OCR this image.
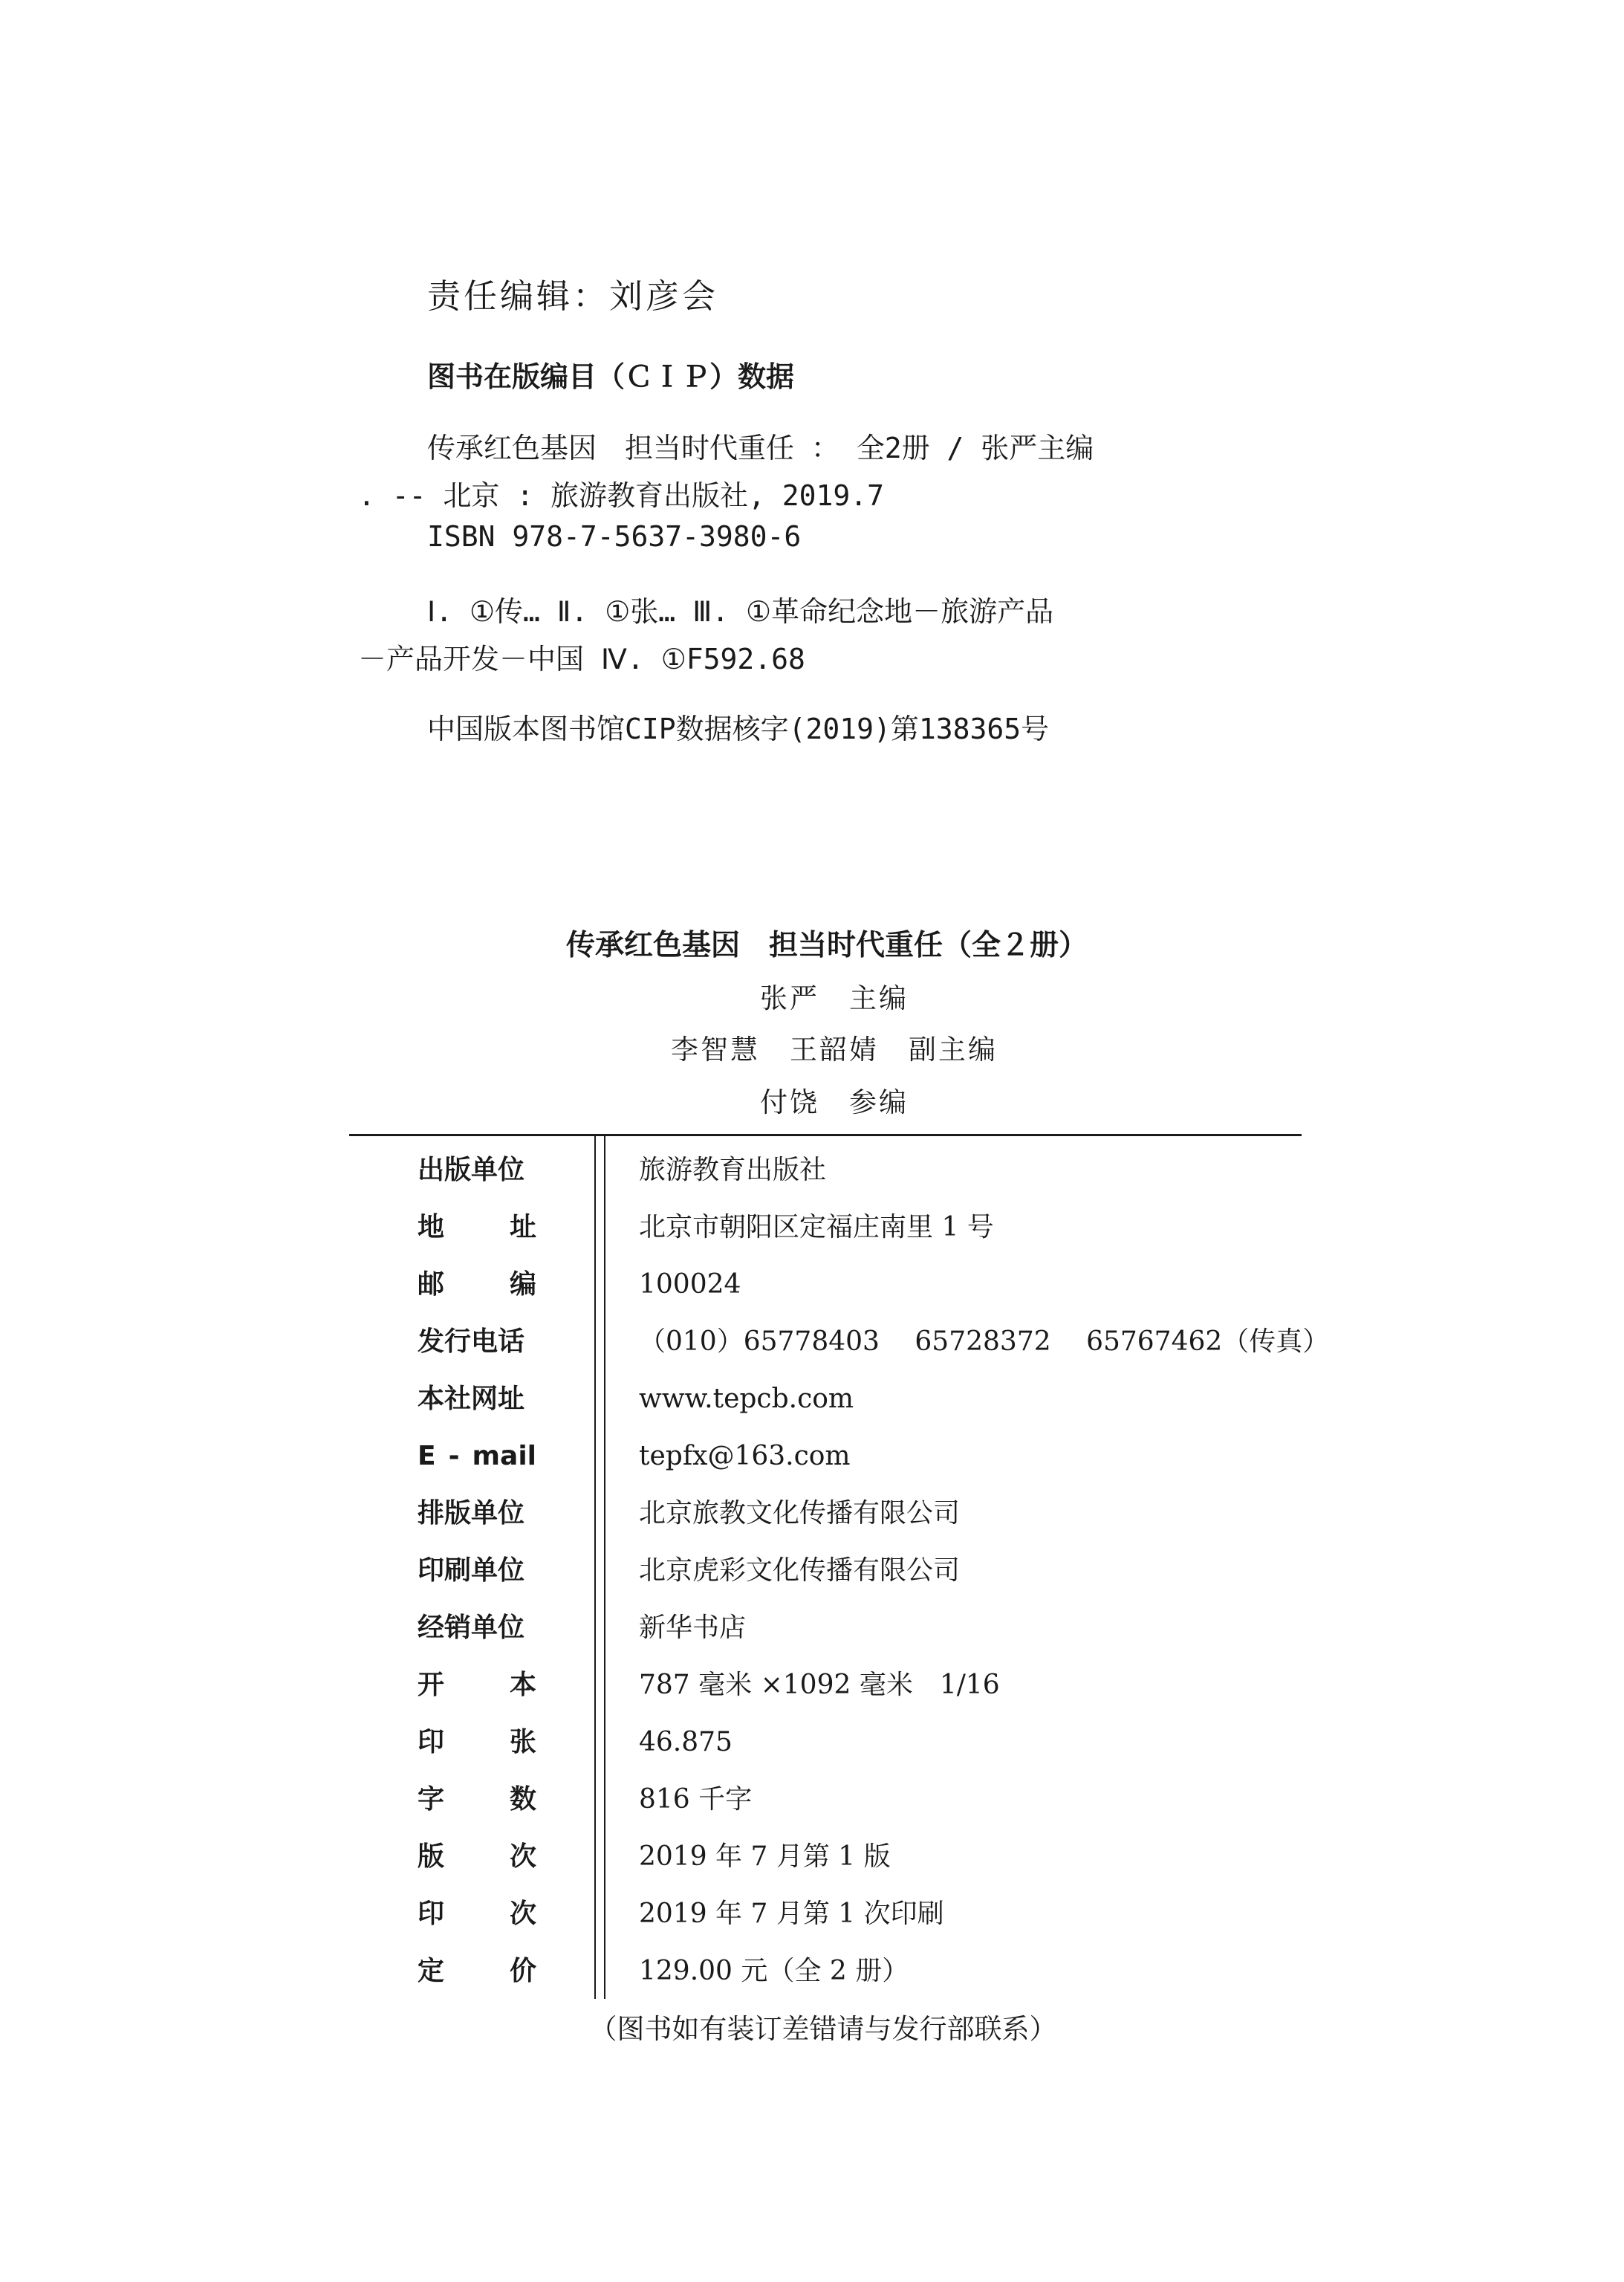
责任编辑：刘彦会
图书在版编目（ＣＩＰ）数据
传承红色基因　担当时代重任 ： 全2册 / 张严主编
. -- 北京 : 旅游教育出版社, 2019.7
ISBN 978-7-5637-3980-6
Ⅰ. ①传… Ⅱ. ①张… Ⅲ. ①革命纪念地－旅游产品
－产品开发－中国 Ⅳ. ①F592.68
中国版本图书馆CIP数据核字(2019)第138365号
传承红色基因　担当时代重任（全２册）
张严　主编
李智慧　王韶婧　副主编
付饶　参编
出版单位	旅游教育出版社
地 址	北京市朝阳区定福庄南里 1 号
邮 编	100024
发行电话	（010）65778403　 65728372　 65767462（传真）
本社网址	www.tepcb.com
E - mail	tepfx@163.com
排版单位	北京旅教文化传播有限公司
印刷单位	北京虎彩文化传播有限公司
经销单位	新华书店
开 本	787 毫米 ×1092 毫米　1/16
印 张	46.875
字 数	816 千字
版 次	2019 年 7 月第 1 版
印 次	2019 年 7 月第 1 次印刷
定 价	129.00 元（全 2 册）
（图书如有装订差错请与发行部联系）
